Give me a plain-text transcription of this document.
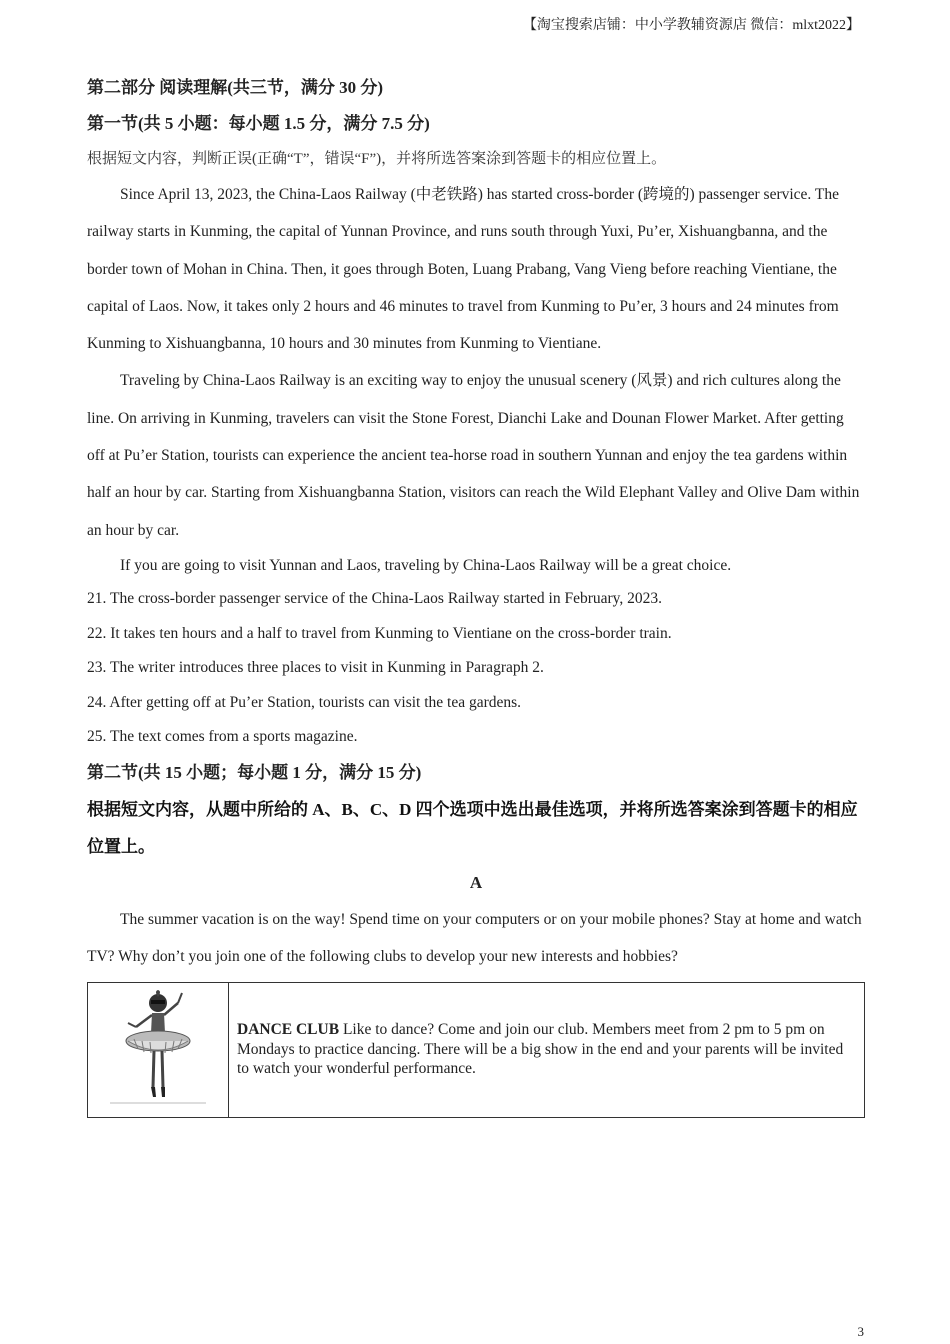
【淘宝搜索店铺：中小学教辅资源店 微信：mlxt2022】

第二部分 阅读理解(共三节，满分 30 分)

第一节(共 5 小题：每小题 1.5 分，满分 7.5 分)

根据短文内容，判断正误(正确“T”，错误“F”)，并将所选答案涂到答题卡的相应位置上。

Since April 13, 2023, the China-Laos Railway (中老铁路) has started cross-border (跨境的) passenger service. The railway starts in Kunming, the capital of Yunnan Province, and runs south through Yuxi, Pu’er, Xishuangbanna, and the border town of Mohan in China. Then, it goes through Boten, Luang Prabang, Vang Vieng before reaching Vientiane, the capital of Laos. Now, it takes only 2 hours and 46 minutes to travel from Kunming to Pu’er, 3 hours and 24 minutes from Kunming to Xishuangbanna, 10 hours and 30 minutes from Kunming to Vientiane.

Traveling by China-Laos Railway is an exciting way to enjoy the unusual scenery (风景) and rich cultures along the line. On arriving in Kunming, travelers can visit the Stone Forest, Dianchi Lake and Dounan Flower Market. After getting off at Pu’er Station, tourists can experience the ancient tea-horse road in southern Yunnan and enjoy the tea gardens within half an hour by car. Starting from Xishuangbanna Station, visitors can reach the Wild Elephant Valley and Olive Dam within an hour by car.

If you are going to visit Yunnan and Laos, traveling by China-Laos Railway will be a great choice.

21. The cross-border passenger service of the China-Laos Railway started in February, 2023.

22. It takes ten hours and a half to travel from Kunming to Vientiane on the cross-border train.

23. The writer introduces three places to visit in Kunming in Paragraph 2.

24. After getting off at Pu’er Station, tourists can visit the tea gardens.

25. The text comes from a sports magazine.

第二节(共 15 小题；每小题 1 分，满分 15 分)

根据短文内容，从题中所给的 A、B、C、D 四个选项中选出最佳选项，并将所选答案涂到答题卡的相应位置上。

A

The summer vacation is on the way! Spend time on your computers or on your mobile phones? Stay at home and watch TV? Why don’t you join one of the following clubs to develop your new interests and hobbies?

	DANCE CLUB Like to dance? Come and join our club. Members meet from 2 pm to 5 pm on Mondays to practice dancing. There will be a big show in the end and your parents will be invited to watch your wonderful performance.
3
